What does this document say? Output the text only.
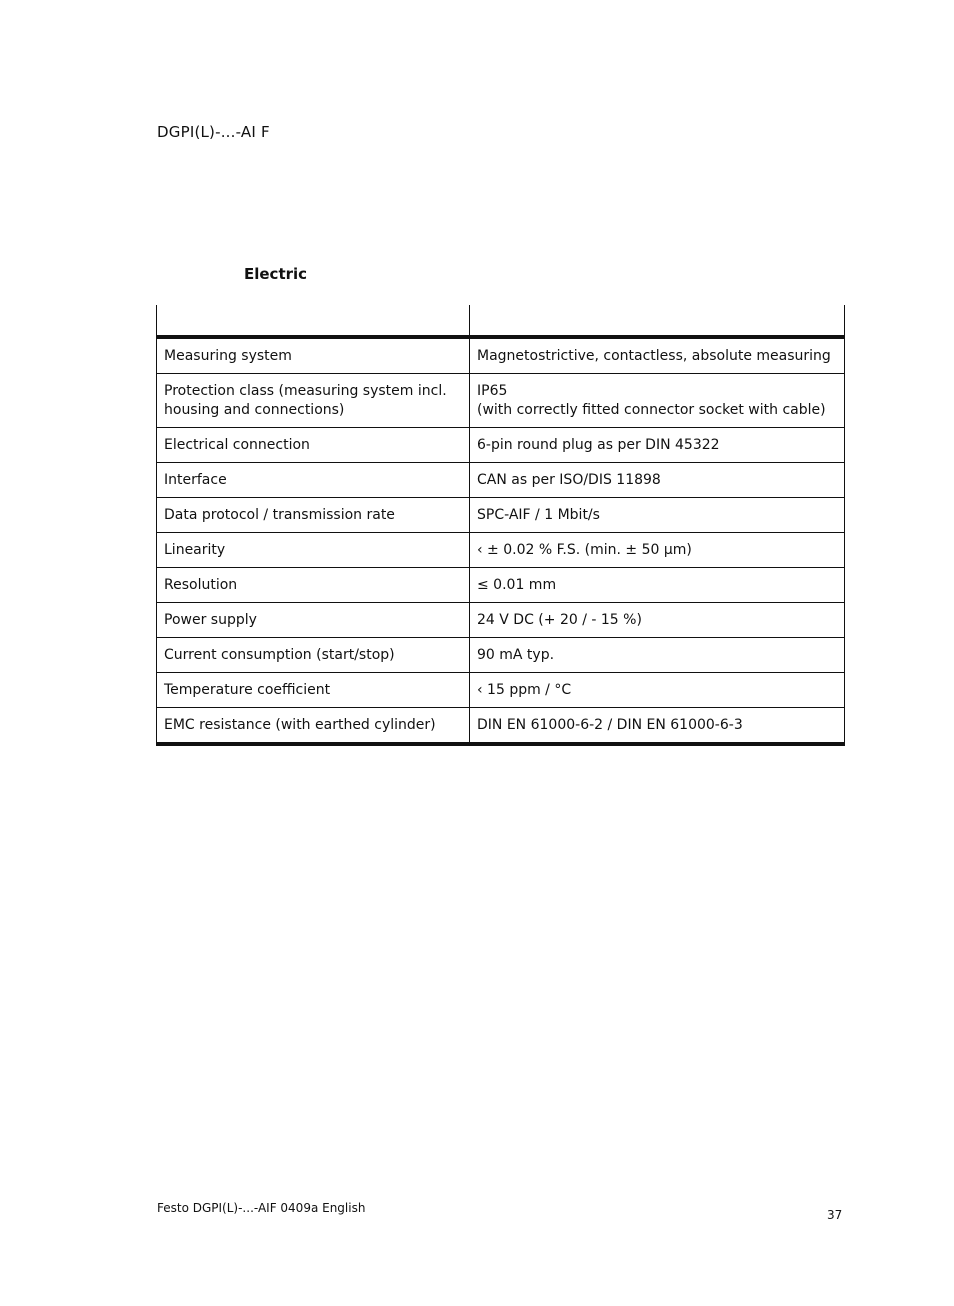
DGPI(L)-...-AI F
Electric

Measuring system	Magnetostrictive, contactless, absolute measuring
Protection class (measuring system incl.
housing and connections)	IP65
(with correctly fitted connector socket with cable)
Electrical connection	6-pin round plug as per DIN 45322
Interface	CAN as per ISO/DIS 11898
Data protocol / transmission rate	SPC-AIF / 1 Mbit/s
Linearity	‹ ± 0.02 % F.S. (min. ± 50 µm)
Resolution	≤ 0.01 mm
Power supply	24 V DC (+ 20 / - 15 %)
Current consumption (start/stop)	90 mA typ.
Temperature coefficient	‹ 15 ppm / °C
EMC resistance (with earthed cylinder)	DIN EN 61000-6-2 / DIN EN 61000-6-3
Festo DGPI(L)-...-AIF 0409a English	37
